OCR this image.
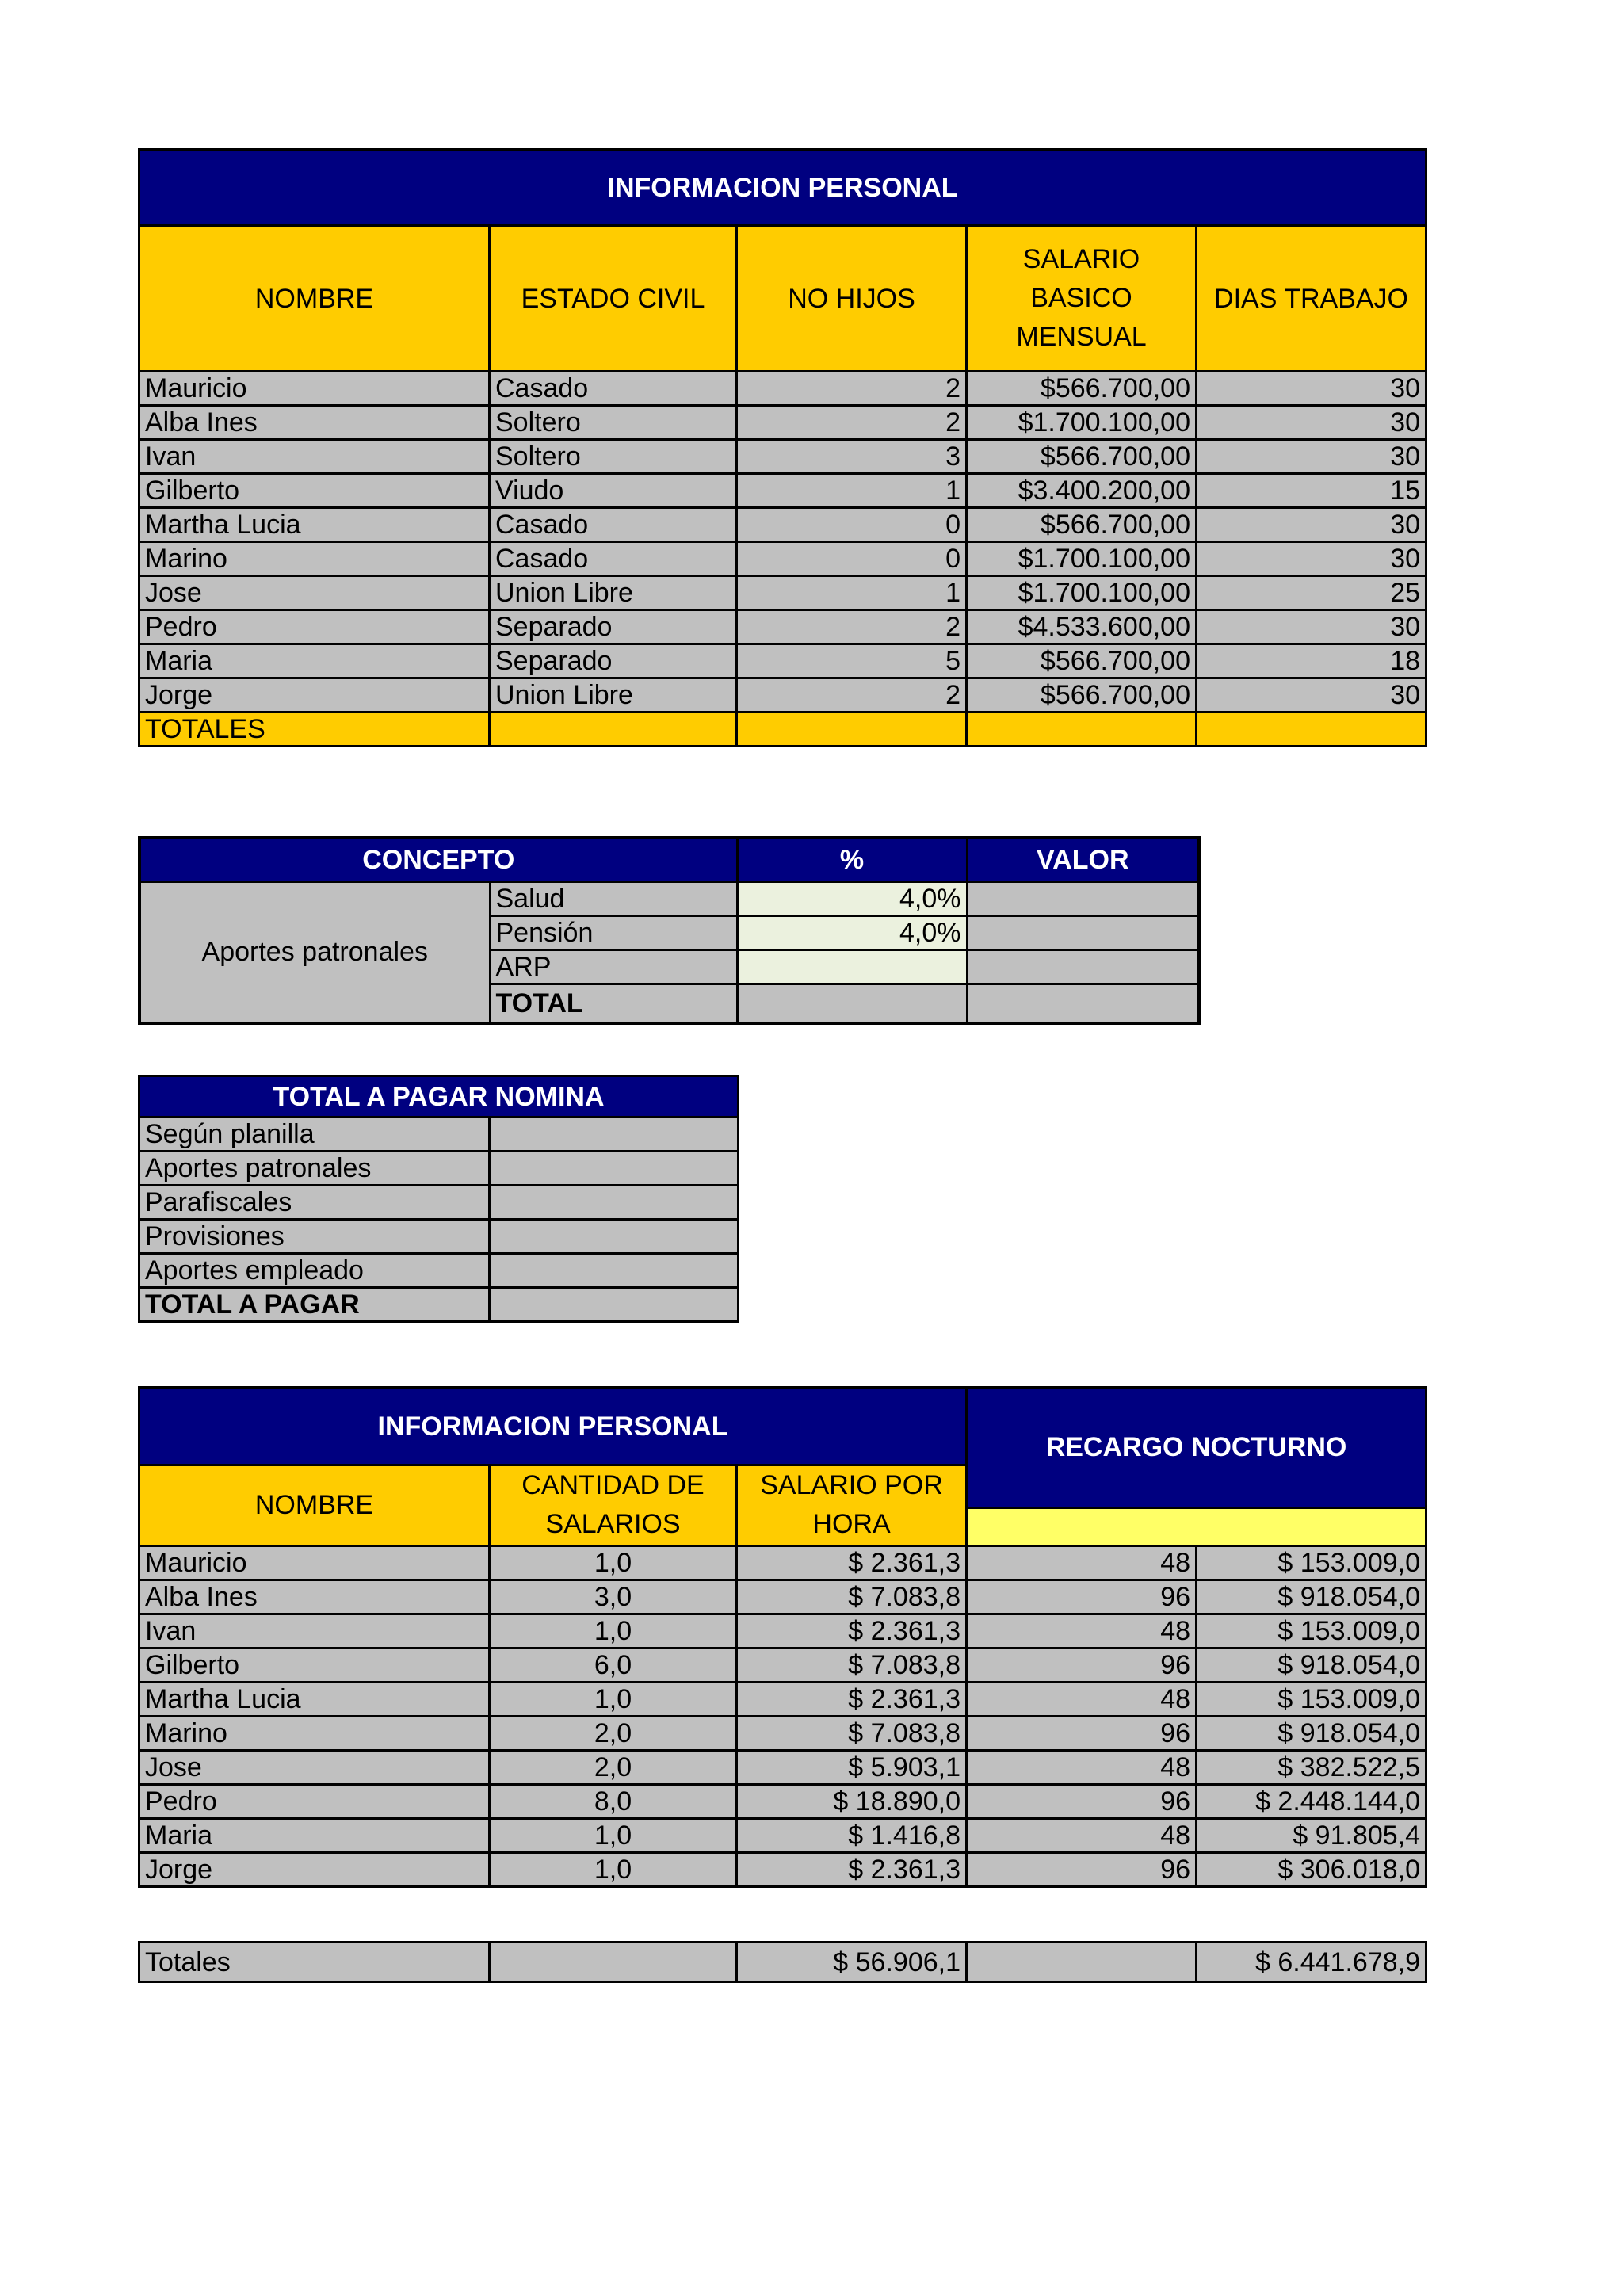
INFORMACION PERSONAL				
NOMBRE	ESTADO CIVIL	NO HIJOS	SALARIO BASICO MENSUAL	DIAS TRABAJO
Mauricio	Casado	2	$566.700,00	30
Alba Ines	Soltero	2	$1.700.100,00	30
Ivan	Soltero	3	$566.700,00	30
Gilberto	Viudo	1	$3.400.200,00	15
Martha Lucia	Casado	0	$566.700,00	30
Marino	Casado	0	$1.700.100,00	30
Jose	Union Libre	1	$1.700.100,00	25
Pedro	Separado	2	$4.533.600,00	30
Maria	Separado	5	$566.700,00	18
Jorge	Union Libre	2	$566.700,00	30
TOTALES				
CONCEPTO		%	VALOR
Aportes patronales	Salud	4,0%	
	Pensión	4,0%	
	ARP		
	TOTAL		
TOTAL A PAGAR NOMINA	
Según planilla	
Aportes patronales	
Parafiscales	
Provisiones	
Aportes empleado	
TOTAL A PAGAR	
INFORMACION PERSONAL			RECARGO NOCTURNO	
NOMBRE	CANTIDAD DE SALARIOS	SALARIO POR HORA		

Mauricio	1,0	$ 2.361,3	48	$ 153.009,0
Alba Ines	3,0	$ 7.083,8	96	$ 918.054,0
Ivan	1,0	$ 2.361,3	48	$ 153.009,0
Gilberto	6,0	$ 7.083,8	96	$ 918.054,0
Martha Lucia	1,0	$ 2.361,3	48	$ 153.009,0
Marino	2,0	$ 7.083,8	96	$ 918.054,0
Jose	2,0	$ 5.903,1	48	$ 382.522,5
Pedro	8,0	$ 18.890,0	96	$ 2.448.144,0
Maria	1,0	$ 1.416,8	48	$ 91.805,4
Jorge	1,0	$ 2.361,3	96	$ 306.018,0
Totales		$ 56.906,1		$ 6.441.678,9
